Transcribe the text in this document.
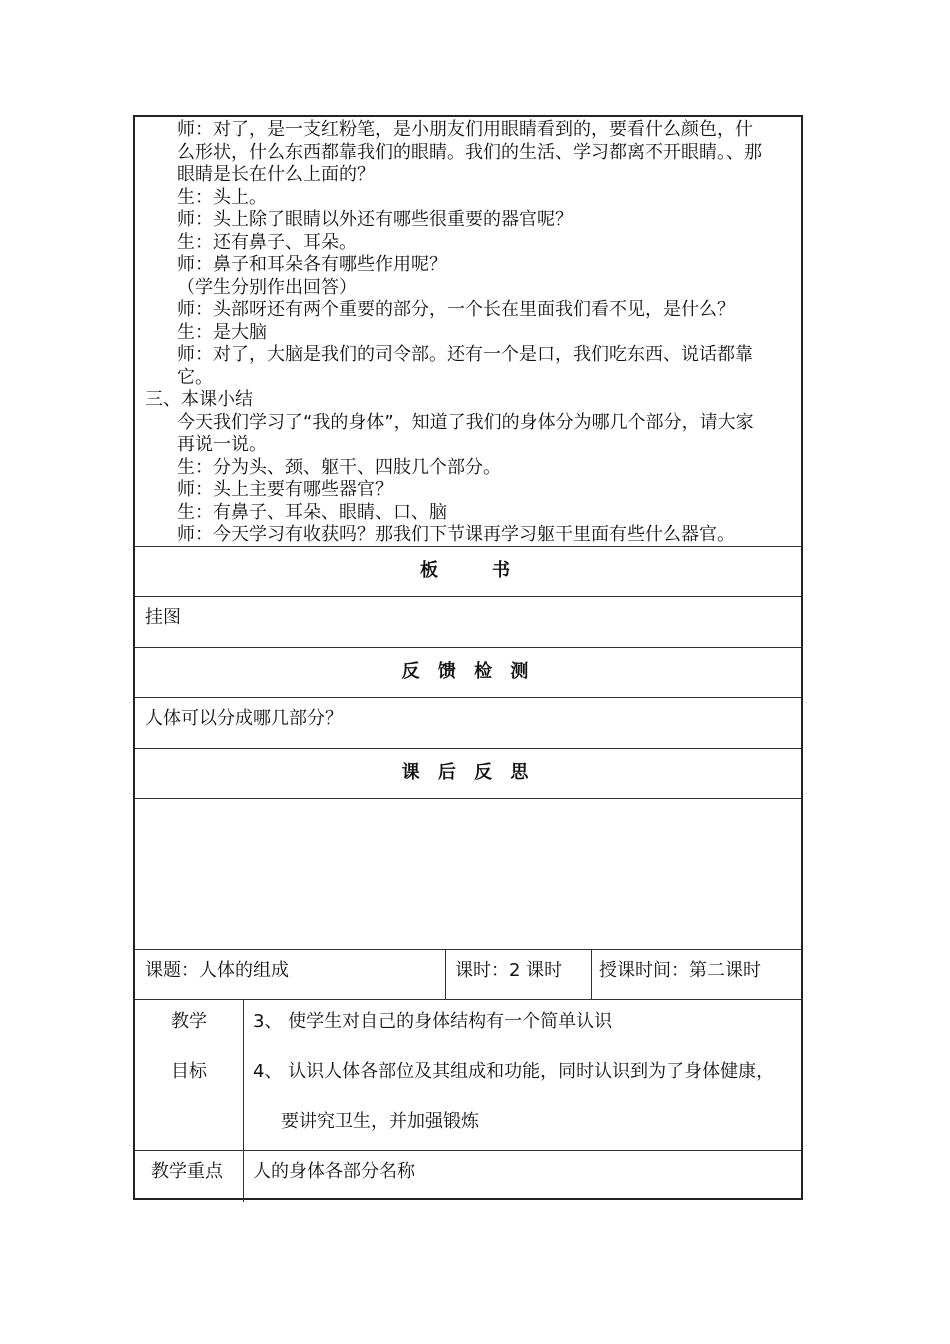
师：对了，是一支红粉笔，是小朋友们用眼睛看到的，要看什么颜色，什
么形状，什么东西都靠我们的眼睛。我们的生活、学习都离不开眼睛。、那
眼睛是长在什么上面的？
生：头上。
师：头上除了眼睛以外还有哪些很重要的器官呢？
生：还有鼻子、耳朵。
师：鼻子和耳朵各有哪些作用呢？
（学生分别作出回答）
师：头部呀还有两个重要的部分，一个长在里面我们看不见，是什么？
生：是大脑
师：对了，大脑是我们的司令部。还有一个是口，我们吃东西、说话都靠
它。
三、本课小结
今天我们学习了“我的身体”，知道了我们的身体分为哪几个部分，请大家
再说一说。
生：分为头、颈、躯干、四肢几个部分。
师：头上主要有哪些器官？
生：有鼻子、耳朵、眼睛、口、脑
师：今天学习有收获吗？那我们下节课再学习躯干里面有些什么器官。
板　　书
挂图
反 馈 检 测
人体可以分成哪几部分？
课 后 反 思
课题：人体的组成	课时：2 课时 授课时间：第二课时
教学
目标
3、 使学生对自己的身体结构有一个简单认识
4、 认识人体各部位及其组成和功能，同时认识到为了身体健康，
要讲究卫生，并加强锻炼
教学重点 人的身体各部分名称
